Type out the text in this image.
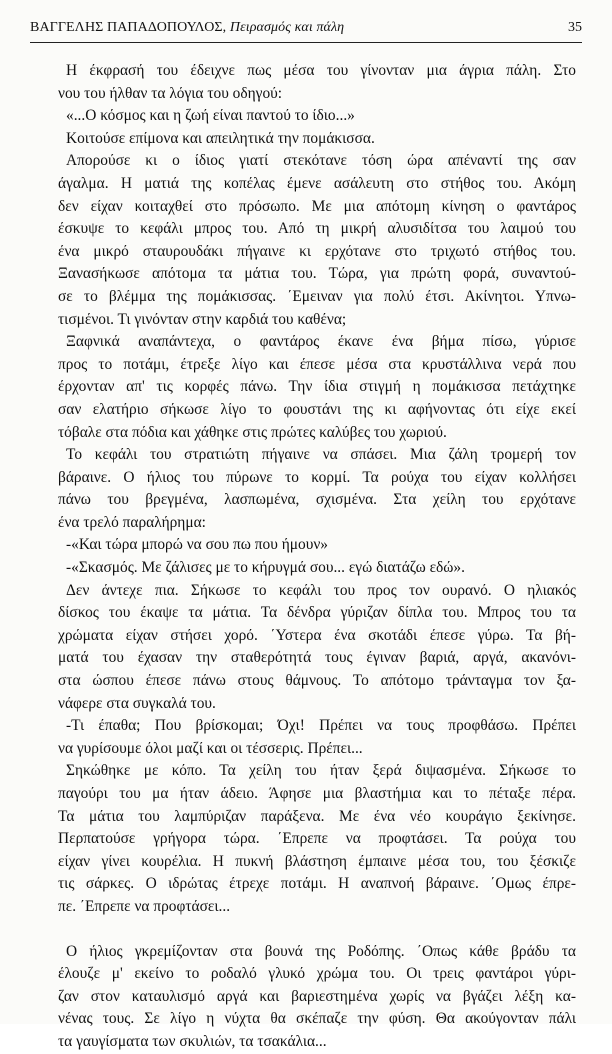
ΒΑΓΓΕΛΗΣ ΠΑΠΑΔΟΠΟΥΛΟΣ, Πειρασμός και πάλη	35

Η έκφρασή του έδειχνε πως μέσα του γίνονταν μια άγρια πάλη. Στο
νου του ήλθαν τα λόγια του οδηγού:

«...Ο κόσμος και η ζωή είναι παντού το ίδιο...»

Κοιτούσε επίμονα και απειλητικά την πομάκισσα.

Απορούσε κι ο ίδιος γιατί στεκότανε τόση ώρα απέναντί της σαν
άγαλμα. Η ματιά της κοπέλας έμενε ασάλευτη στο στήθος του. Ακόμη
δεν είχαν κοιταχθεί στο πρόσωπο. Με μια απότομη κίνηση ο φαντάρος
έσκυψε το κεφάλι μπρος του. Από τη μικρή αλυσιδίτσα του λαιμού του
ένα μικρό σταυρουδάκι πήγαινε κι ερχότανε στο τριχωτό στήθος του.
Ξανασήκωσε απότομα τα μάτια του. Τώρα, για πρώτη φορά, συναντού-
σε το βλέμμα της πομάκισσας. ΄Εμειναν για πολύ έτσι. Ακίνητοι. Υπνω-
τισμένοι. Τι γινόνταν στην καρδιά του καθένα;

Ξαφνικά αναπάντεχα, ο φαντάρος έκανε ένα βήμα πίσω, γύρισε
προς το ποτάμι, έτρεξε λίγο και έπεσε μέσα στα κρυστάλλινα νερά που
έρχονταν απ' τις κορφές πάνω. Την ίδια στιγμή η πομάκισσα πετάχτηκε
σαν ελατήριο σήκωσε λίγο το φουστάνι της κι αφήνοντας ότι είχε εκεί
τόβαλε στα πόδια και χάθηκε στις πρώτες καλύβες του χωριού.

Το κεφάλι του στρατιώτη πήγαινε να σπάσει. Μια ζάλη τρομερή τον
βάραινε. Ο ήλιος του πύρωνε το κορμί. Τα ρούχα του είχαν κολλήσει
πάνω του βρεγμένα, λασπωμένα, σχισμένα. Στα χείλη του ερχότανε
ένα τρελό παραλήρημα:

-«Και τώρα μπορώ να σου πω που ήμουν»

-«Σκασμός. Με ζάλισες με το κήρυγμά σου... εγώ διατάζω εδώ».

Δεν άντεχε πια. Σήκωσε το κεφάλι του προς τον ουρανό. Ο ηλιακός
δίσκος του έκαψε τα μάτια. Τα δένδρα γύριζαν δίπλα του. Μπρος του τα
χρώματα είχαν στήσει χορό. ΄Υστερα ένα σκοτάδι έπεσε γύρω. Τα βή-
ματά του έχασαν την σταθερότητά τους έγιναν βαριά, αργά, ακανόνι-
στα ώσπου έπεσε πάνω στους θάμνους. Το απότομο τράνταγμα τον ξα-
νάφερε στα συγκαλά του.

-Τι έπαθα; Που βρίσκομαι; Όχι! Πρέπει να τους προφθάσω. Πρέπει
να γυρίσουμε όλοι μαζί και οι τέσσερις. Πρέπει...

Σηκώθηκε με κόπο. Τα χείλη του ήταν ξερά διψασμένα. Σήκωσε το
παγούρι του μα ήταν άδειο. Άφησε μια βλαστήμια και το πέταξε πέρα.
Τα μάτια του λαμπύριζαν παράξενα. Με ένα νέο κουράγιο ξεκίνησε.
Περπατούσε γρήγορα τώρα. ΄Επρεπε να προφτάσει. Τα ρούχα του
είχαν γίνει κουρέλια. Η πυκνή βλάστηση έμπαινε μέσα του, του ξέσκιζε
τις σάρκες. Ο ιδρώτας έτρεχε ποτάμι. Η αναπνοή βάραινε. ΄Ομως έπρε-
πε. ΄Επρεπε να προφτάσει...

Ο ήλιος γκρεμίζονταν στα βουνά της Ροδόπης. ΄Οπως κάθε βράδυ τα
έλουζε μ' εκείνο το ροδαλό γλυκό χρώμα του. Οι τρεις φαντάροι γύρι-
ζαν στον καταυλισμό αργά και βαριεστημένα χωρίς να βγάζει λέξη κα-
νένας τους. Σε λίγο η νύχτα θα σκέπαζε την φύση. Θα ακούγονταν πάλι
τα γαυγίσματα των σκυλιών, τα τσακάλια...
